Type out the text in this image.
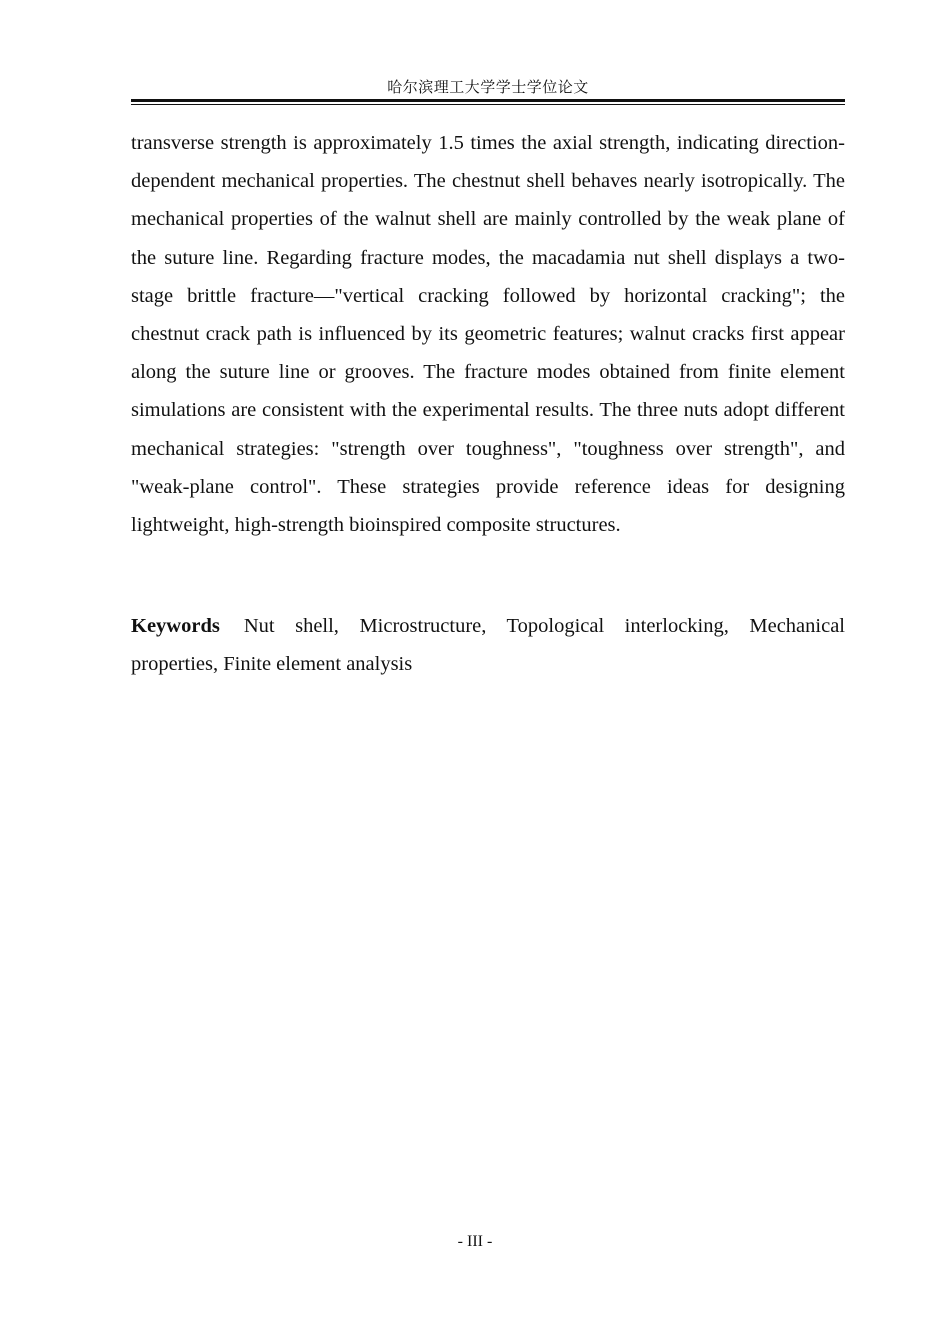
哈尔滨理工大学学士学位论文

transverse strength is approximately 1.5 times the axial strength, indicating direction-dependent mechanical properties. The chestnut shell behaves nearly isotropically. The mechanical properties of the walnut shell are mainly controlled by the weak plane of the suture line. Regarding fracture modes, the macadamia nut shell displays a two-stage brittle fracture—"vertical cracking followed by horizontal cracking"; the chestnut crack path is influenced by its geometric features; walnut cracks first appear along the suture line or grooves. The fracture modes obtained from finite element simulations are consistent with the experimental results. The three nuts adopt different mechanical strategies: "strength over toughness", "toughness over strength", and "weak-plane control". These strategies provide reference ideas for designing lightweight, high-strength bioinspired composite structures.

Keywords Nut shell, Microstructure, Topological interlocking, Mechanical properties, Finite element analysis

- III -
